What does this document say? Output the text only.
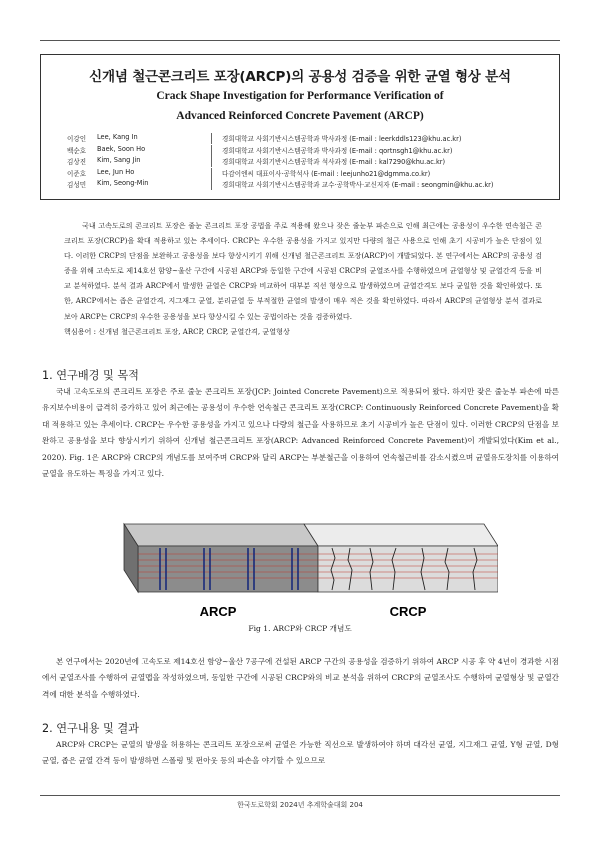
신개념 철근콘크리트 포장(ARCP)의 공용성 검증을 위한 균열 형상 분석
Crack Shape Investigation for Performance Verification of
Advanced Reinforced Concrete Pavement (ARCP)
이강인 Lee, Kang In	경희대학교 사회기반시스템공학과 박사과정 (E-mail : leerkddls123@khu.ac.kr)
백순호 Baek, Soon Ho	경희대학교 사회기반시스템공학과 박사과정 (E-mail : qortnsgh1@khu.ac.kr)
김상진 Kim, Sang Jin	경희대학교 사회기반시스템공학과 석사과정 (E-mail : kal7290@khu.ac.kr)
이준호 Lee, Jun Ho	다감이엔씨 대표이사·공학석사 (E-mail : leejunho21@dgmma.co.kr)
김성민 Kim, Seong-Min	경희대학교 사회기반시스템공학과 교수·공학박사·교신저자 (E-mail : seongmin@khu.ac.kr)

국내 고속도로의 콘크리트 포장은 줄눈 콘크리트 포장 공법을 주로 적용해 왔으나 잦은 줄눈부 파손으로 인해 최근에는 공용성이 우수한 연속철근 콘크리트 포장(CRCP)을 확대 적용하고 있는 추세이다. CRCP는 우수한 공용성을 가지고 있지만 다량의 철근 사용으로 인해 초기 시공비가 높은 단점이 있다. 이러한 CRCP의 단점을 보완하고 공용성을 보다 향상시키기 위해 신개념 철근콘크리트 포장(ARCP)이 개발되었다. 본 연구에서는 ARCP의 공용성 검증을 위해 고속도로 제14호선 함양~울산 구간에 시공된 ARCP와 동일한 구간에 시공된 CRCP의 균열조사를 수행하였으며 균열형상 및 균열간격 등을 비교 분석하였다. 분석 결과 ARCP에서 발생한 균열은 CRCP와 비교하여 대부분 직선 형상으로 발생하였으며 균열간격도 보다 균일한 것을 확인하였다. 또한, ARCP에서는 좁은 균열간격, 지그재그 균열, 분리균열 등 부적절한 균열의 발생이 매우 적은 것을 확인하였다. 따라서 ARCP의 균열형상 분석 결과로 보아 ARCP는 CRCP의 우수한 공용성을 보다 향상시킬 수 있는 공법이라는 것을 검증하였다.

핵심용어 : 신개념 철근콘크리트 포장, ARCP, CRCP, 균열간격, 균열형상

1. 연구배경 및 목적

국내 고속도로의 콘크리트 포장은 주로 줄눈 콘크리트 포장(JCP: Jointed Concrete Pavement)으로 적용되어 왔다. 하지만 잦은 줄눈부 파손에 따른 유지보수비용이 급격히 증가하고 있어 최근에는 공용성이 우수한 연속철근 콘크리트 포장(CRCP: Continuously Reinforced Concrete Pavement)을 확대 적용하고 있는 추세이다. CRCP는 우수한 공용성을 가지고 있으나 다량의 철근을 사용하므로 초기 시공비가 높은 단점이 있다. 이러한 CRCP의 단점을 보완하고 공용성을 보다 향상시키기 위하여 신개념 철근콘크리트 포장(ARCP: Advanced Reinforced Concrete Pavement)이 개발되었다(Kim et al., 2020). Fig. 1은 ARCP와 CRCP의 개념도를 보여주며 CRCP와 달리 ARCP는 부분철근을 이용하여 연속철근비를 감소시켰으며 균열유도장치를 이용하여 균열을 유도하는 특징을 가지고 있다.

ARCP	CRCP
Fig 1. ARCP와 CRCP 개념도

본 연구에서는 2020년에 고속도로 제14호선 함양~울산 7공구에 건설된 ARCP 구간의 공용성을 검증하기 위하여 ARCP 시공 후 약 4년이 경과한 시점에서 균열조사를 수행하여 균열맵을 작성하였으며, 동일한 구간에 시공된 CRCP와의 비교 분석을 위하여 CRCP의 균열조사도 수행하여 균열형상 및 균열간격에 대한 분석을 수행하였다.

2. 연구내용 및 결과

ARCP와 CRCP는 균열의 발생을 허용하는 콘크리트 포장으로써 균열은 가능한 직선으로 발생하여야 하며 대각선 균열, 지그재그 균열, Y형 균열, D형 균열, 좁은 균열 간격 등이 발생하면 스폴링 및 펀아웃 등의 파손을 야기할 수 있으므로

한국도로학회 2024년 추계학술대회 204
